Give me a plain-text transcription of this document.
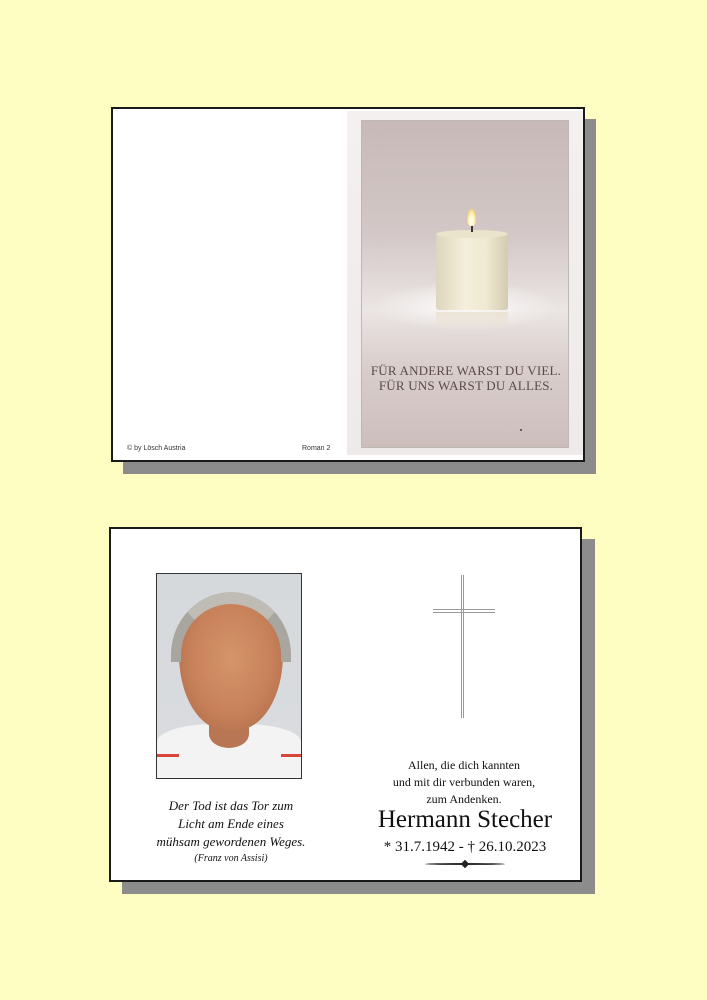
© by Lösch Austria	Roman 2
FÜR ANDERE WARST DU VIEL.
FÜR UNS WARST DU ALLES.
Der Tod ist das Tor zum
Licht am Ende eines
mühsam gewordenen Weges.
(Franz von Assisi)
Allen, die dich kannten
und mit dir verbunden waren,
zum Andenken.
Hermann Stecher
* 31.7.1942 - † 26.10.2023
